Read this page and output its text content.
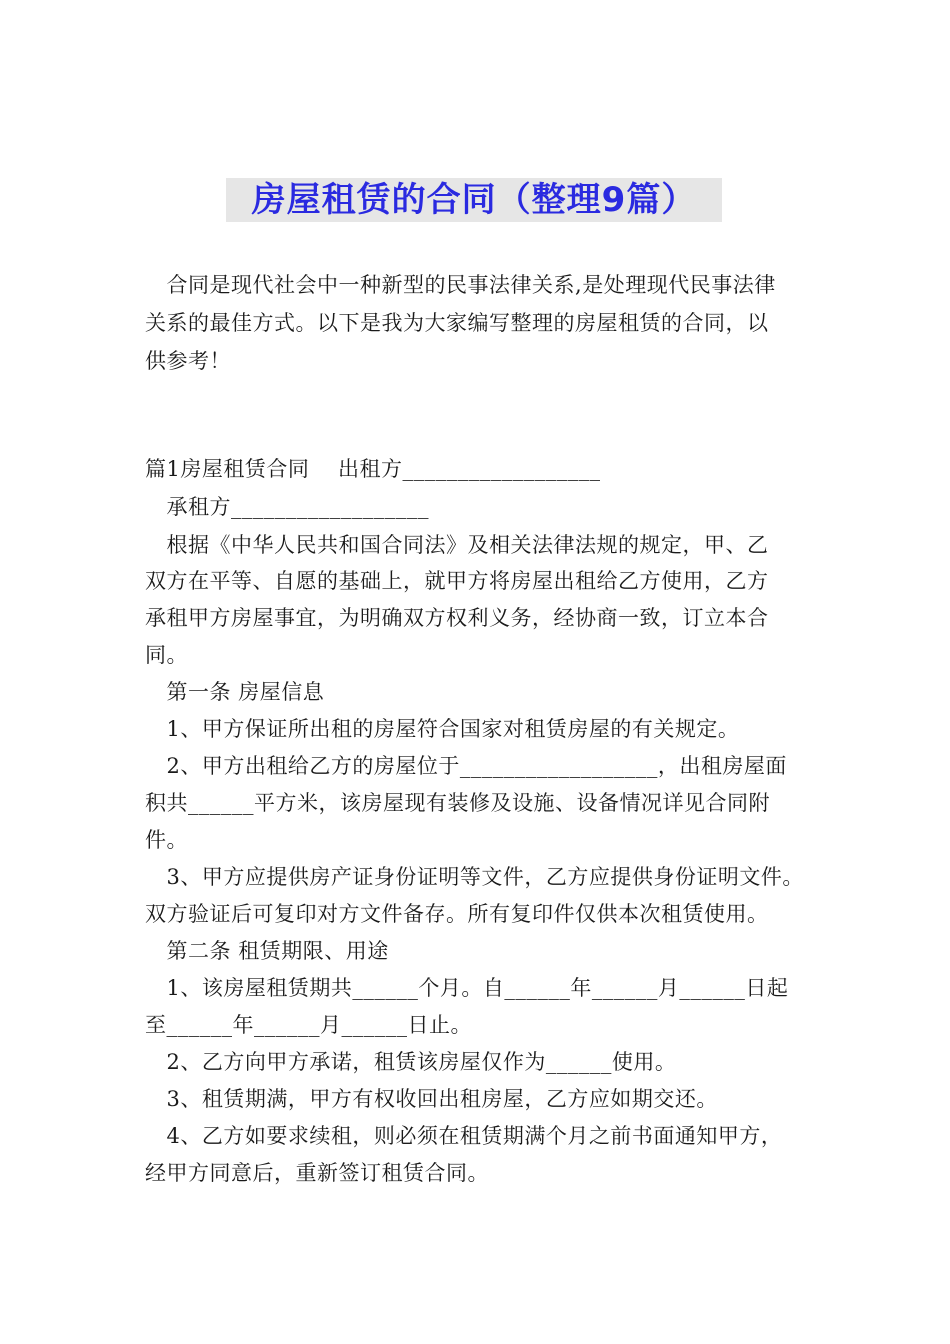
房屋租赁的合同（整理9篇）
合同是现代社会中一种新型的民事法律关系,是处理现代民事法律
关系的最佳方式。以下是我为大家编写整理的房屋租赁的合同，以
供参考！
篇1房屋租赁合同    出租方__________________
承租方__________________
根据《中华人民共和国合同法》及相关法律法规的规定，甲、乙
双方在平等、自愿的基础上，就甲方将房屋出租给乙方使用，乙方
承租甲方房屋事宜，为明确双方权利义务，经协商一致，订立本合
同。
第一条 房屋信息
1、甲方保证所出租的房屋符合国家对租赁房屋的有关规定。
2、甲方出租给乙方的房屋位于__________________，出租房屋面
积共______平方米，该房屋现有装修及设施、设备情况详见合同附
件。
3、甲方应提供房产证身份证明等文件，乙方应提供身份证明文件。
双方验证后可复印对方文件备存。所有复印件仅供本次租赁使用。
第二条 租赁期限、用途
1、该房屋租赁期共______个月。自______年______月______日起
至______年______月______日止。
2、乙方向甲方承诺，租赁该房屋仅作为______使用。
3、租赁期满，甲方有权收回出租房屋，乙方应如期交还。
4、乙方如要求续租，则必须在租赁期满个月之前书面通知甲方，
经甲方同意后，重新签订租赁合同。
